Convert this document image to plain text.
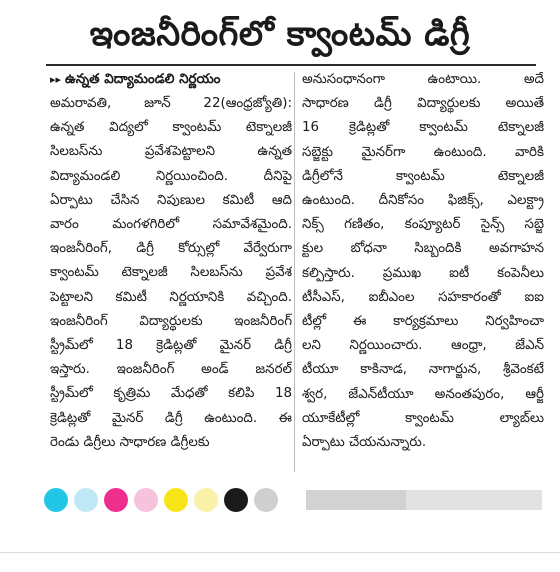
ఇంజనీరింగ్‌లో క్వాంటమ్ డిగ్రీ
▸▸ ఉన్నత విద్యామండలి నిర్ణయం
అమరావతి, జూన్ 22(ఆంధ్రజ్యోతి):
ఉన్నత విద్యలో క్వాంటమ్ టెక్నాలజీ
సిలబస్‌ను ప్రవేశపెట్టాలని ఉన్నత
విద్యామండలి నిర్ణయించింది. దీనిపై
ఏర్పాటు చేసిన నిపుణుల కమిటీ ఆది
వారం మంగళగిరిలో సమావేశమైంది.
ఇంజనీరింగ్, డిగ్రీ కోర్సుల్లో వేర్వేరుగా
క్వాంటమ్ టెక్నాలజీ సిలబస్‌ను ప్రవేశ
పెట్టాలని కమిటీ నిర్ణయానికి వచ్చింది.
ఇంజనీరింగ్ విద్యార్థులకు ఇంజనీరింగ్
స్ట్రీమ్‌లో 18 క్రెడిట్లతో మైనర్ డిగ్రీ
ఇస్తారు. ఇంజనీరింగ్ అండ్ జనరల్
స్ట్రీమ్‌లో కృత్రిమ మేధతో కలిపి 18
క్రెడిట్లతో మైనర్ డిగ్రీ ఉంటుంది. ఈ
రెండు డిగ్రీలు సాధారణ డిగ్రీలకు
అనుసంధానంగా ఉంటాయి. అదే
సాధారణ డిగ్రీ విద్యార్థులకు అయితే
16 క్రెడిట్లతో క్వాంటమ్ టెక్నాలజీ
సబ్జెక్టు మైనర్‌గా ఉంటుంది. వారికి
డిగ్రీలోనే క్వాంటమ్ టెక్నాలజీ
ఉంటుంది. దీనికోసం ఫిజిక్స్, ఎలక్ట్రా
నిక్స్ గణితం, కంప్యూటర్ సైన్స్ సబ్జె
క్టుల బోధనా సిబ్బందికి అవగాహన
కల్పిస్తారు. ప్రముఖ ఐటీ కంపెనీలు
టీసీఎస్, ఐబీఎంల సహకారంతో ఐఐ
టీల్లో ఈ కార్యక్రమాలు నిర్వహించా
లని నిర్ణయించారు. ఆంధ్రా, జేఎన్
టీయూ కాకినాడ, నాగార్జున, శ్రీవెంకటే
శ్వర, జేఎన్‌టీయూ అనంతపురం, ఆర్జీ
యూకేటీల్లో క్వాంటమ్ ల్యాబ్‌లు
ఏర్పాటు చేయనున్నారు.
